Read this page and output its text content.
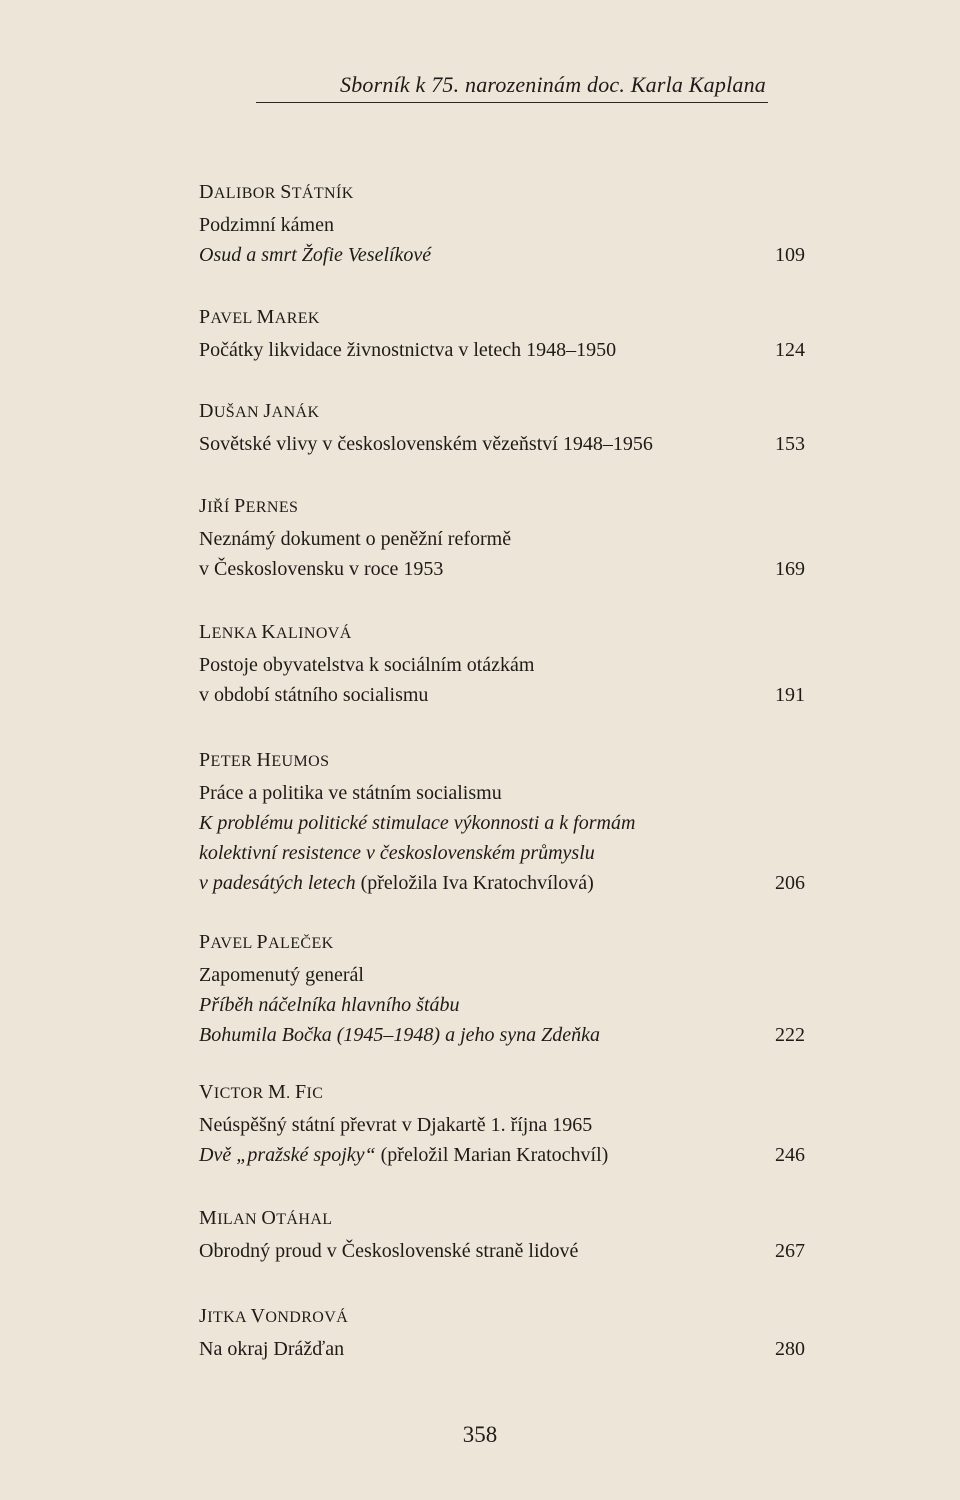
Sborník k 75. narozeninám doc. Karla Kaplana
DALIBOR STÁTNÍK
Podzimní kámen
Osud a smrt Žofie Veselíkové	109
PAVEL MAREK
Počátky likvidace živnostnictva v letech 1948–1950	124
DUŠAN JANÁK
Sovětské vlivy v československém vězeňství 1948–1956	153
JIŘÍ PERNES
Neznámý dokument o peněžní reformě
v Československu v roce 1953	169
LENKA KALINOVÁ
Postoje obyvatelstva k sociálním otázkám
v období státního socialismu	191
PETER HEUMOS
Práce a politika ve státním socialismu
K problému politické stimulace výkonnosti a k formám
kolektivní resistence v československém průmyslu
v padesátých letech (přeložila Iva Kratochvílová)	206
PAVEL PALEČEK
Zapomenutý generál
Příběh náčelníka hlavního štábu
Bohumila Bočka (1945–1948) a jeho syna Zdeňka	222
VICTOR M. FIC
Neúspěšný státní převrat v Djakartě 1. října 1965
Dvě „pražské spojky“ (přeložil Marian Kratochvíl)	246
MILAN OTÁHAL
Obrodný proud v Československé straně lidové	267
JITKA VONDROVÁ
Na okraj Drážďan	280
358
